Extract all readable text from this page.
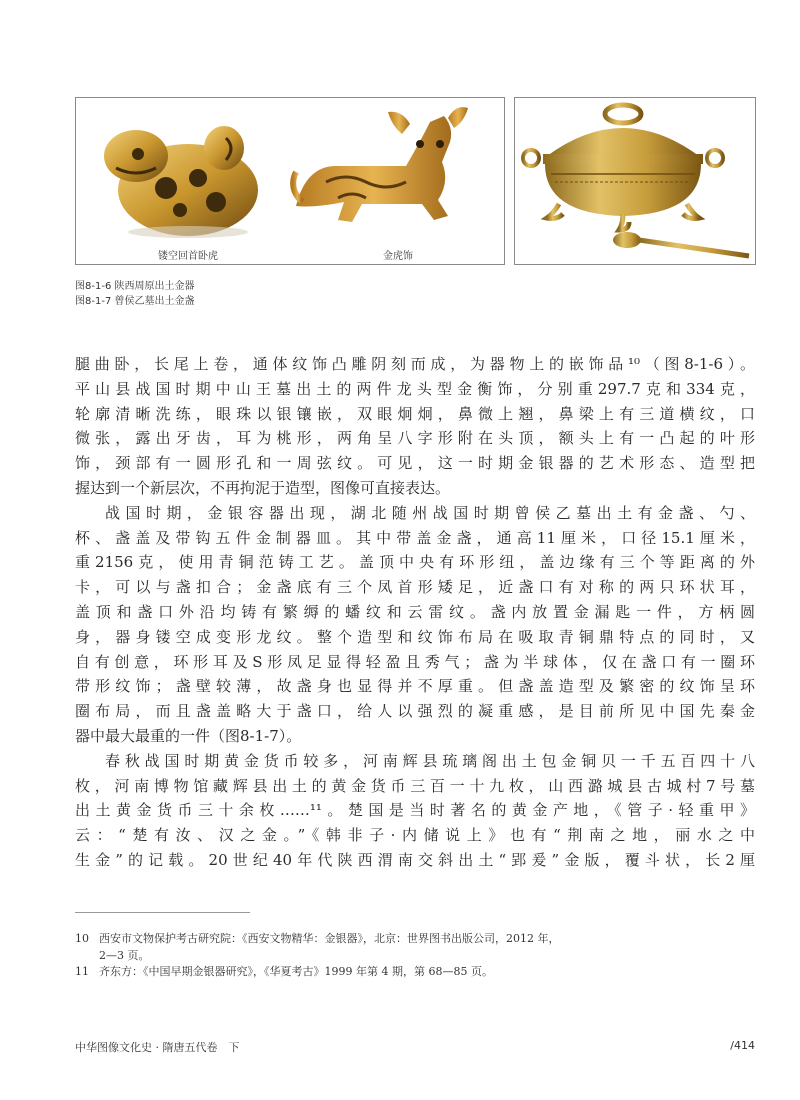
镂空回首卧虎	金虎饰
图8-1-6 陕西周原出土金器
图8-1-7 曾侯乙墓出土金盏
腿曲卧，长尾上卷，通体纹饰凸雕阴刻而成，为器物上的嵌饰品¹⁰（图8-1-6）。
平山县战国时期中山王墓出土的两件龙头型金衡饰，分别重297.7克和334克，
轮廓清晰洗练，眼珠以银镶嵌，双眼炯炯，鼻微上翘，鼻梁上有三道横纹，口
微张，露出牙齿，耳为桃形，两角呈八字形附在头顶，额头上有一凸起的叶形
饰，颈部有一圆形孔和一周弦纹。可见，这一时期金银器的艺术形态、造型把
握达到一个新层次，不再拘泥于造型，图像可直接表达。
战国时期，金银容器出现，湖北随州战国时期曾侯乙墓出土有金盏、勺、
杯、盏盖及带钩五件金制器皿。其中带盖金盏，通高11厘米，口径15.1厘米，
重2156克，使用青铜范铸工艺。盖顶中央有环形纽，盖边缘有三个等距离的外
卡，可以与盏扣合；金盏底有三个凤首形矮足，近盏口有对称的两只环状耳，
盖顶和盏口外沿均铸有繁缛的蟠纹和云雷纹。盏内放置金漏匙一件，方柄圆
身，器身镂空成变形龙纹。整个造型和纹饰布局在吸取青铜鼎特点的同时，又
自有创意，环形耳及S形凤足显得轻盈且秀气；盏为半球体，仅在盏口有一圈环
带形纹饰；盏壁较薄，故盏身也显得并不厚重。但盏盖造型及繁密的纹饰呈环
圈布局，而且盏盖略大于盏口，给人以强烈的凝重感，是目前所见中国先秦金
器中最大最重的一件（图8-1-7）。
春秋战国时期黄金货币较多，河南辉县琉璃阁出土包金铜贝一千五百四十八
枚，河南博物馆藏辉县出土的黄金货币三百一十九枚，山西潞城县古城村7号墓
出土黄金货币三十余枚……¹¹。楚国是当时著名的黄金产地，《管子·轻重甲》
云：“楚有汝、汉之金。”《韩非子·内储说上》也有“荆南之地，丽水之中
生金”的记载。20世纪40年代陕西渭南交斜出土“郢爰”金版，覆斗状，长2厘
10 西安市文物保护考古研究院：《西安文物精华：金银器》，北京：世界图书出版公司，2012 年，
2—3 页。
11 齐东方：《中国早期金银器研究》，《华夏考古》1999 年第 4 期，第 68—85 页。
中华图像文化史 · 隋唐五代卷　下	/414
